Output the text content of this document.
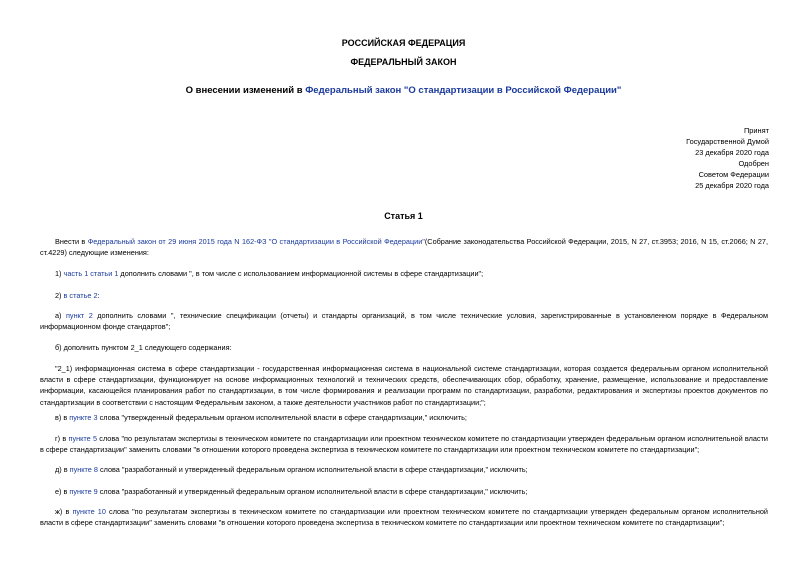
РОССИЙСКАЯ ФЕДЕРАЦИЯ
ФЕДЕРАЛЬНЫЙ ЗАКОН
О внесении изменений в Федеральный закон "О стандартизации в Российской Федерации"
Принят
Государственной Думой
23 декабря 2020 года
Одобрен
Советом Федерации
25 декабря 2020 года
Статья 1
Внести в Федеральный закон от 29 июня 2015 года N 162-ФЗ "О стандартизации в Российской Федерации"(Собрание законодательства Российской Федерации, 2015, N 27, ст.3953; 2016, N 15, ст.2066; N 27, ст.4229) следующие изменения:
1) часть 1 статьи 1 дополнить словами ", в том числе с использованием информационной системы в сфере стандартизации";
2) в статье 2:
а) пункт 2 дополнить словами ", технические спецификации (отчеты) и стандарты организаций, в том числе технические условия, зарегистрированные в установленном порядке в Федеральном информационном фонде стандартов";
б) дополнить пунктом 2_1 следующего содержания:
"2_1) информационная система в сфере стандартизации - государственная информационная система в национальной системе стандартизации, которая создается федеральным органом исполнительной власти в сфере стандартизации, функционирует на основе информационных технологий и технических средств, обеспечивающих сбор, обработку, хранение, размещение, использование и предоставление информации, касающейся планирования работ по стандартизации, в том числе формирования и реализации программ по стандартизации, разработки, редактирования и экспертизы проектов документов по стандартизации в соответствии с настоящим Федеральным законом, а также деятельности участников работ по стандартизации;";
в) в пункте 3 слова "утвержденный федеральным органом исполнительной власти в сфере стандартизации," исключить;
г) в пункте 5 слова "по результатам экспертизы в техническом комитете по стандартизации или проектном техническом комитете по стандартизации утвержден федеральным органом исполнительной власти в сфере стандартизации" заменить словами "в отношении которого проведена экспертиза в техническом комитете по стандартизации или проектном техническом комитете по стандартизации";
д) в пункте 8 слова "разработанный и утвержденный федеральным органом исполнительной власти в сфере стандартизации," исключить;
е) в пункте 9 слова "разработанный и утвержденный федеральным органом исполнительной власти в сфере стандартизации," исключить;
ж) в пункте 10 слова "по результатам экспертизы в техническом комитете по стандартизации или проектном техническом комитете по стандартизации утвержден федеральным органом исполнительной власти в сфере стандартизации" заменить словами "в отношении которого проведена экспертиза в техническом комитете по стандартизации или проектном техническом комитете по стандартизации";
